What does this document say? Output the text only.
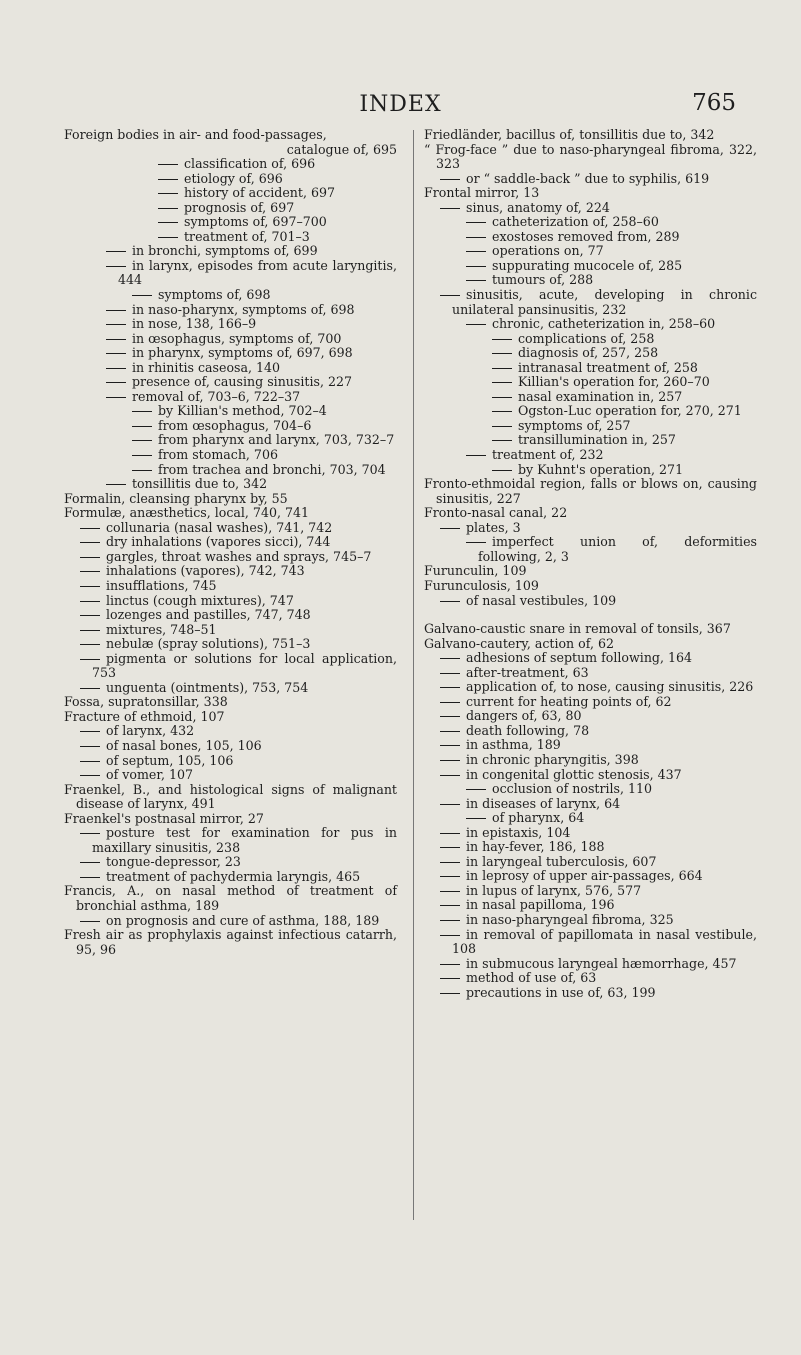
INDEX	765
Foreign bodies in air- and food-passages,
catalogue of, 695
classification of, 696
etiology of, 696
history of accident, 697
prognosis of, 697
symptoms of, 697–700
treatment of, 701–3
in bronchi, symptoms of, 699
in larynx, episodes from acute laryngitis, 444
symptoms of, 698
in naso-pharynx, symptoms of, 698
in nose, 138, 166–9
in œsophagus, symptoms of, 700
in pharynx, symptoms of, 697, 698
in rhinitis caseosa, 140
presence of, causing sinusitis, 227
removal of, 703–6, 722–37
by Killian's method, 702–4
from œsophagus, 704–6
from pharynx and larynx, 703, 732–7
from stomach, 706
from trachea and bronchi, 703, 704
tonsillitis due to, 342
Formalin, cleansing pharynx by, 55
Formulæ, anæsthetics, local, 740, 741
collunaria (nasal washes), 741, 742
dry inhalations (vapores sicci), 744
gargles, throat washes and sprays, 745–7
inhalations (vapores), 742, 743
insufflations, 745
linctus (cough mixtures), 747
lozenges and pastilles, 747, 748
mixtures, 748–51
nebulæ (spray solutions), 751–3
pigmenta or solutions for local application, 753
unguenta (ointments), 753, 754
Fossa, supratonsillar, 338
Fracture of ethmoid, 107
of larynx, 432
of nasal bones, 105, 106
of septum, 105, 106
of vomer, 107
Fraenkel, B., and histological signs of malignant disease of larynx, 491
Fraenkel's postnasal mirror, 27
posture test for examination for pus in maxillary sinusitis, 238
tongue-depressor, 23
treatment of pachydermia laryngis, 465
Francis, A., on nasal method of treatment of bronchial asthma, 189
on prognosis and cure of asthma, 188, 189
Fresh air as prophylaxis against infectious catarrh, 95, 96
Friedländer, bacillus of, tonsillitis due to, 342
“ Frog-face ” due to naso-pharyngeal fibroma, 322, 323
or “ saddle-back ” due to syphilis, 619
Frontal mirror, 13
sinus, anatomy of, 224
catheterization of, 258–60
exostoses removed from, 289
operations on, 77
suppurating mucocele of, 285
tumours of, 288
sinusitis, acute, developing in chronic unilateral pansinusitis, 232
chronic, catheterization in, 258–60
complications of, 258
diagnosis of, 257, 258
intranasal treatment of, 258
Killian's operation for, 260–70
nasal examination in, 257
Ogston-Luc operation for, 270, 271
symptoms of, 257
transillumination in, 257
treatment of, 232
by Kuhnt's operation, 271
Fronto-ethmoidal region, falls or blows on, causing sinusitis, 227
Fronto-nasal canal, 22
plates, 3
imperfect union of, deformities following, 2, 3
Furunculin, 109
Furunculosis, 109
of nasal vestibules, 109
Galvano-caustic snare in removal of tonsils, 367
Galvano-cautery, action of, 62
adhesions of septum following, 164
after-treatment, 63
application of, to nose, causing sinusitis, 226
current for heating points of, 62
dangers of, 63, 80
death following, 78
in asthma, 189
in chronic pharyngitis, 398
in congenital glottic stenosis, 437
occlusion of nostrils, 110
in diseases of larynx, 64
of pharynx, 64
in epistaxis, 104
in hay-fever, 186, 188
in laryngeal tuberculosis, 607
in leprosy of upper air-passages, 664
in lupus of larynx, 576, 577
in nasal papilloma, 196
in naso-pharyngeal fibroma, 325
in removal of papillomata in nasal vestibule, 108
in submucous laryngeal hæmorrhage, 457
method of use of, 63
precautions in use of, 63, 199
